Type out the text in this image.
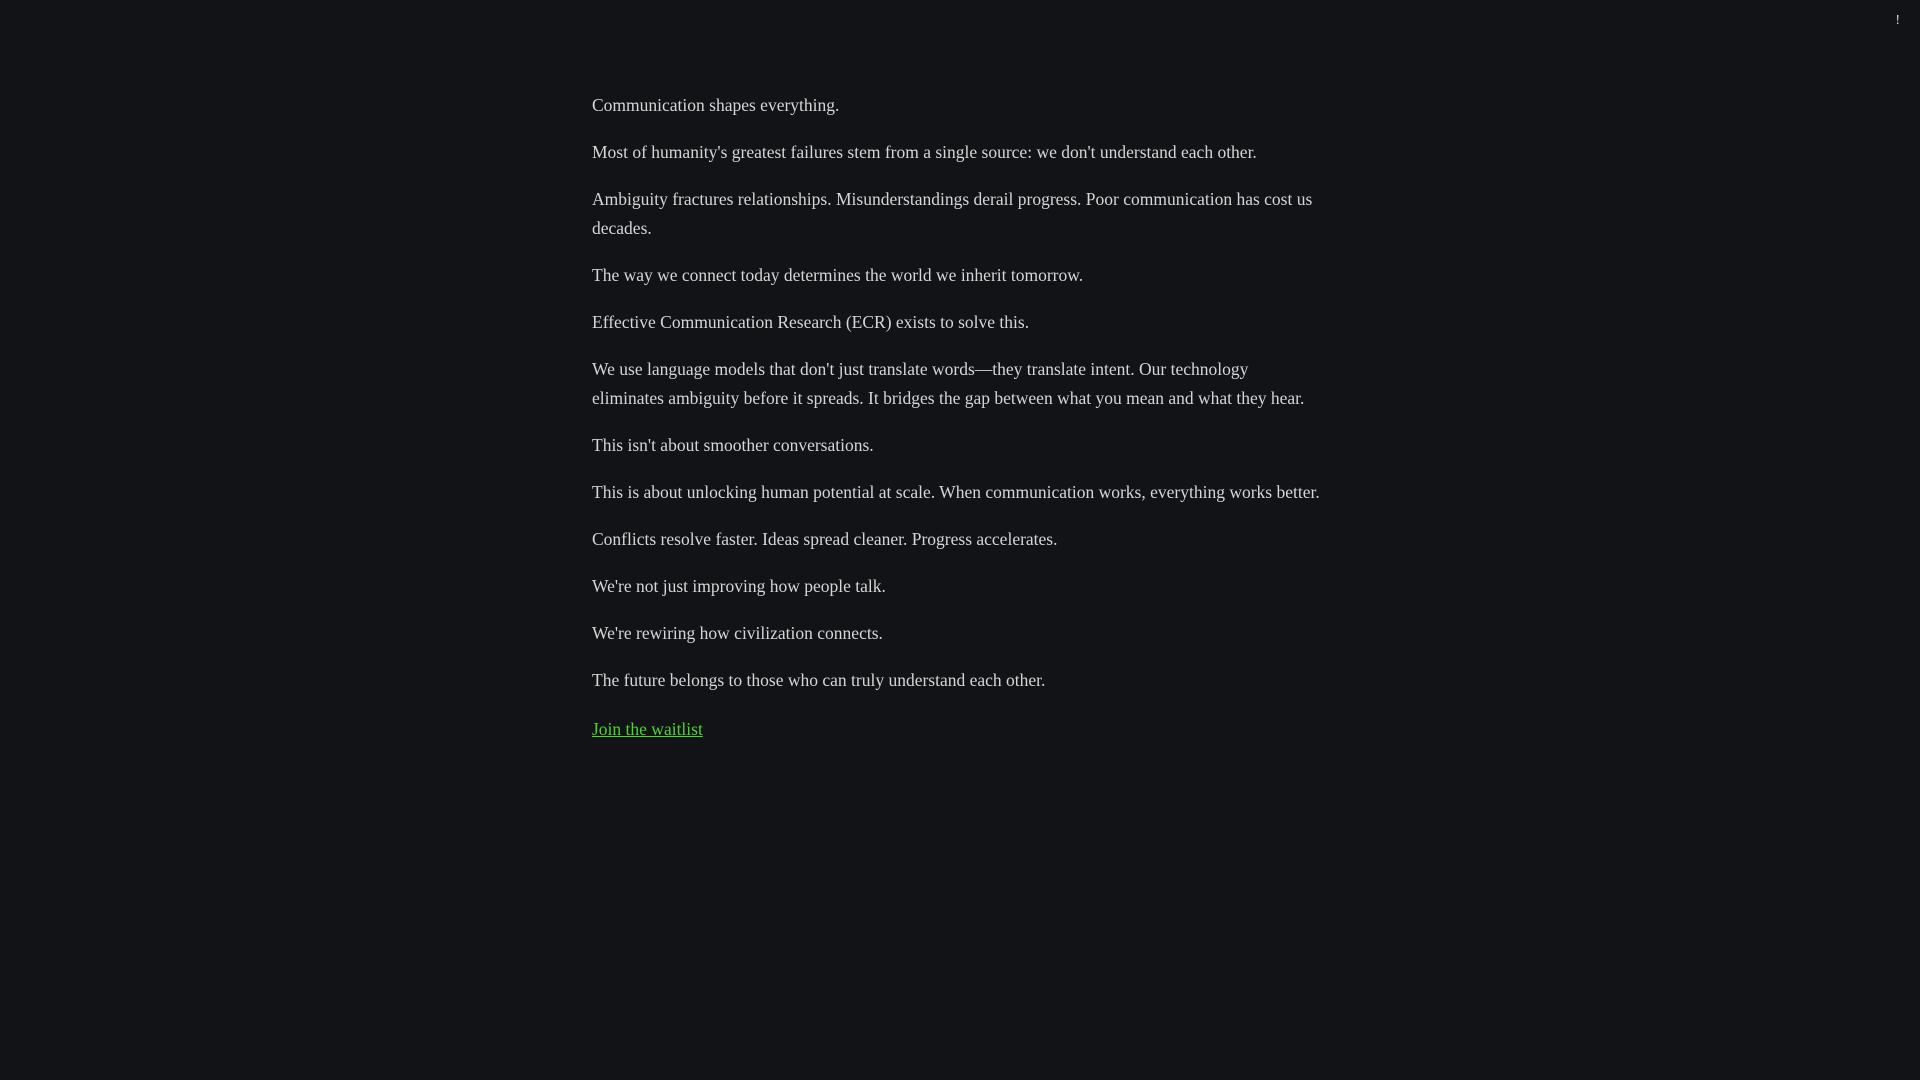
!

Communication shapes everything.

Most of humanity's greatest failures stem from a single source: we don't understand each other.

Ambiguity fractures relationships. Misunderstandings derail progress. Poor communication has cost us decades.

The way we connect today determines the world we inherit tomorrow.

Effective Communication Research (ECR) exists to solve this.

We use language models that don't just translate words—they translate intent. Our technology eliminates ambiguity before it spreads. It bridges the gap between what you mean and what they hear.

This isn't about smoother conversations.

This is about unlocking human potential at scale. When communication works, everything works better.

Conflicts resolve faster. Ideas spread cleaner. Progress accelerates.

We're not just improving how people talk.

We're rewiring how civilization connects.

The future belongs to those who can truly understand each other.

Join the waitlist
